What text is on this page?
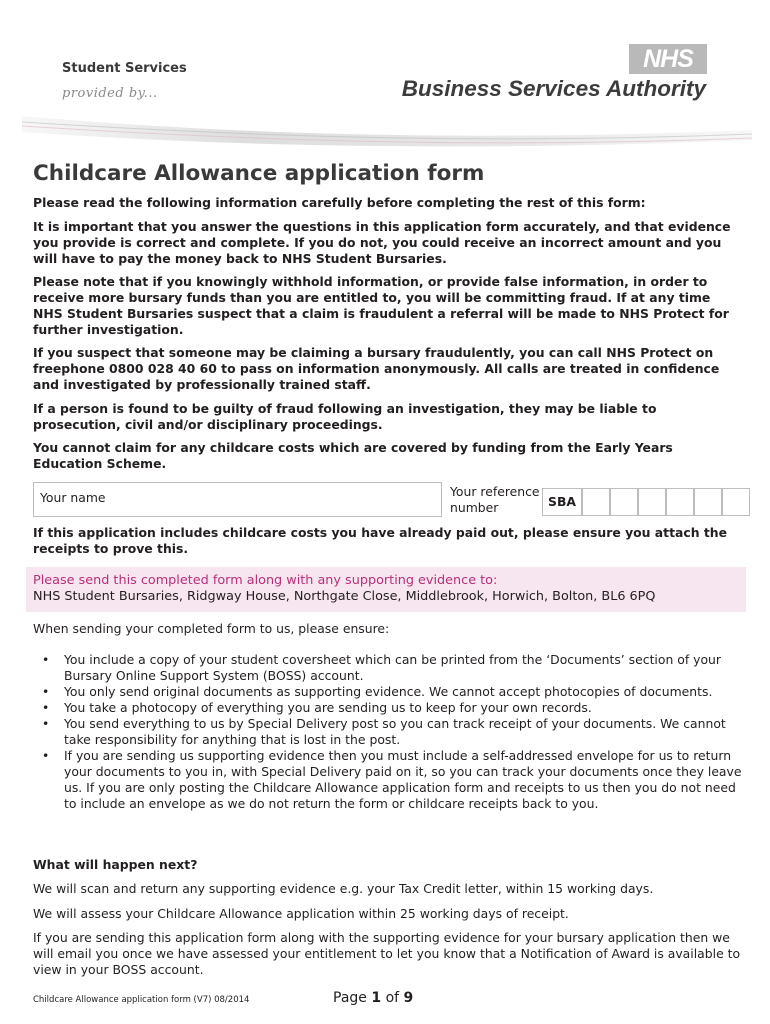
Student Services
provided by...
NHS
Business Services Authority
Childcare Allowance application form
Please read the following information carefully before completing the rest of this form:
It is important that you answer the questions in this application form accurately, and that evidence you provide is correct and complete. If you do not, you could receive an incorrect amount and you will have to pay the money back to NHS Student Bursaries.
Please note that if you knowingly withhold information, or provide false information, in order to receive more bursary funds than you are entitled to, you will be committing fraud. If at any time NHS Student Bursaries suspect that a claim is fraudulent a referral will be made to NHS Protect for further investigation.
If you suspect that someone may be claiming a bursary fraudulently, you can call NHS Protect on freephone 0800 028 40 60 to pass on information anonymously. All calls are treated in confidence and investigated by professionally trained staff.
If a person is found to be guilty of fraud following an investigation, they may be liable to prosecution, civil and/or disciplinary proceedings.
You cannot claim for any childcare costs which are covered by funding from the Early Years Education Scheme.
Your name	Your reference number	SBA
If this application includes childcare costs you have already paid out, please ensure you attach the receipts to prove this.
Please send this completed form along with any supporting evidence to:
NHS Student Bursaries, Ridgway House, Northgate Close, Middlebrook, Horwich, Bolton, BL6 6PQ
When sending your completed form to us, please ensure:
• You include a copy of your student coversheet which can be printed from the ‘Documents’ section of your Bursary Online Support System (BOSS) account.
• You only send original documents as supporting evidence. We cannot accept photocopies of documents.
• You take a photocopy of everything you are sending us to keep for your own records.
• You send everything to us by Special Delivery post so you can track receipt of your documents. We cannot take responsibility for anything that is lost in the post.
• If you are sending us supporting evidence then you must include a self-addressed envelope for us to return your documents to you in, with Special Delivery paid on it, so you can track your documents once they leave us. If you are only posting the Childcare Allowance application form and receipts to us then you do not need to include an envelope as we do not return the form or childcare receipts back to you.
What will happen next?
We will scan and return any supporting evidence e.g. your Tax Credit letter, within 15 working days.
We will assess your Childcare Allowance application within 25 working days of receipt.
If you are sending this application form along with the supporting evidence for your bursary application then we will email you once we have assessed your entitlement to let you know that a Notification of Award is available to view in your BOSS account.
Childcare Allowance application form (V7) 08/2014	Page 1 of 9
